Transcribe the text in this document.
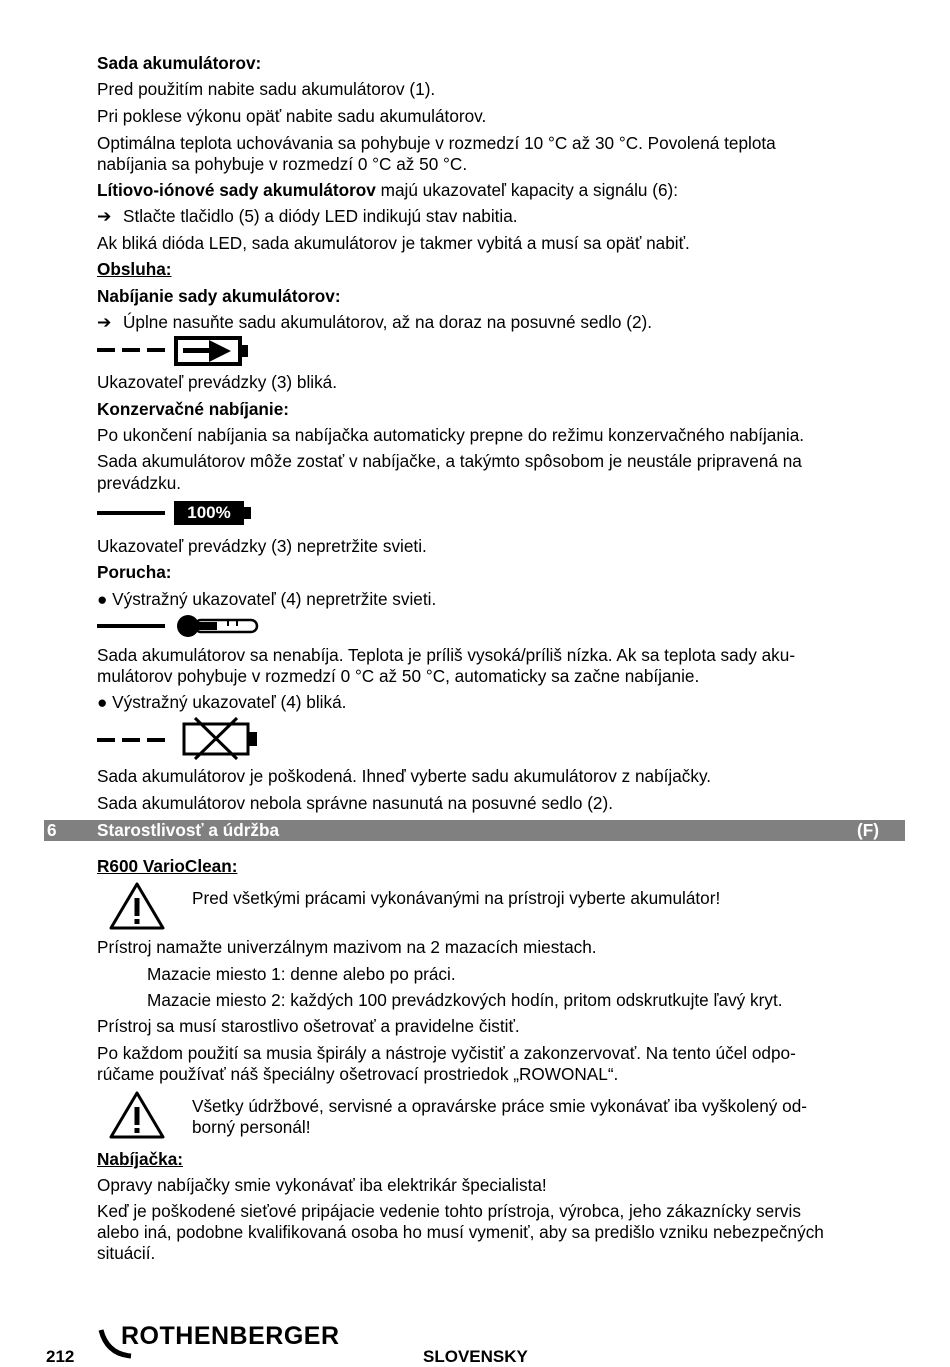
Sada akumulátorov:

Pred použitím nabite sadu akumulátorov (1).

Pri poklese výkonu opäť nabite sadu akumulátorov.

Optimálna teplota uchovávania sa pohybuje v rozmedzí 10 °C až 30 °C. Povolená teplota

nabíjania sa pohybuje v rozmedzí 0 °C až 50 °C.

Lítiovo-iónové sady akumulátorov majú ukazovateľ kapacity a signálu (6):

➔ Stlačte tlačidlo (5) a diódy LED indikujú stav nabitia.

Ak bliká dióda LED, sada akumulátorov je takmer vybitá a musí sa opäť nabiť.

Obsluha:

Nabíjanie sady akumulátorov:

➔ Úplne nasuňte sadu akumulátorov, až na doraz na posuvné sedlo (2).

Ukazovateľ prevádzky (3) bliká.

Konzervačné nabíjanie:

Po ukončení nabíjania sa nabíjačka automaticky prepne do režimu konzervačného nabíjania.

Sada akumulátorov môže zostať v nabíjačke, a takýmto spôsobom je neustále pripravená na

prevádzku.

100%

Ukazovateľ prevádzky (3) nepretržite svieti.

Porucha:

● Výstražný ukazovateľ (4) nepretržite svieti.

Sada akumulátorov sa nenabíja. Teplota je príliš vysoká/príliš nízka. Ak sa teplota sady aku-

mulátorov pohybuje v rozmedzí 0 °C až 50 °C, automaticky sa začne nabíjanie.

● Výstražný ukazovateľ (4) bliká.

Sada akumulátorov je poškodená. Ihneď vyberte sadu akumulátorov z nabíjačky.

Sada akumulátorov nebola správne nasunutá na posuvné sedlo (2).

6 Starostlivosť a údržba	(F)

R600 VarioClean:

Pred všetkými prácami vykonávanými na prístroji vyberte akumulátor!

Prístroj namažte univerzálnym mazivom na 2 mazacích miestach.

Mazacie miesto 1: denne alebo po práci.

Mazacie miesto 2: každých 100 prevádzkových hodín, pritom odskrutkujte ľavý kryt.

Prístroj sa musí starostlivo ošetrovať a pravidelne čistiť.

Po každom použití sa musia špirály a nástroje vyčistiť a zakonzervovať. Na tento účel odpo-

rúčame používať náš špeciálny ošetrovací prostriedok „ROWONAL“.

Všetky údržbové, servisné a opravárske práce smie vykonávať iba vyškolený od-

borný personál!

Nabíjačka:

Opravy nabíjačky smie vykonávať iba elektrikár špecialista!

Keď je poškodené sieťové pripájacie vedenie tohto prístroja, výrobca, jeho zákaznícky servis

alebo iná, podobne kvalifikovaná osoba ho musí vymeniť, aby sa predišlo vzniku nebezpečných

situácií.

212
ROTHENBERGER
SLOVENSKY
